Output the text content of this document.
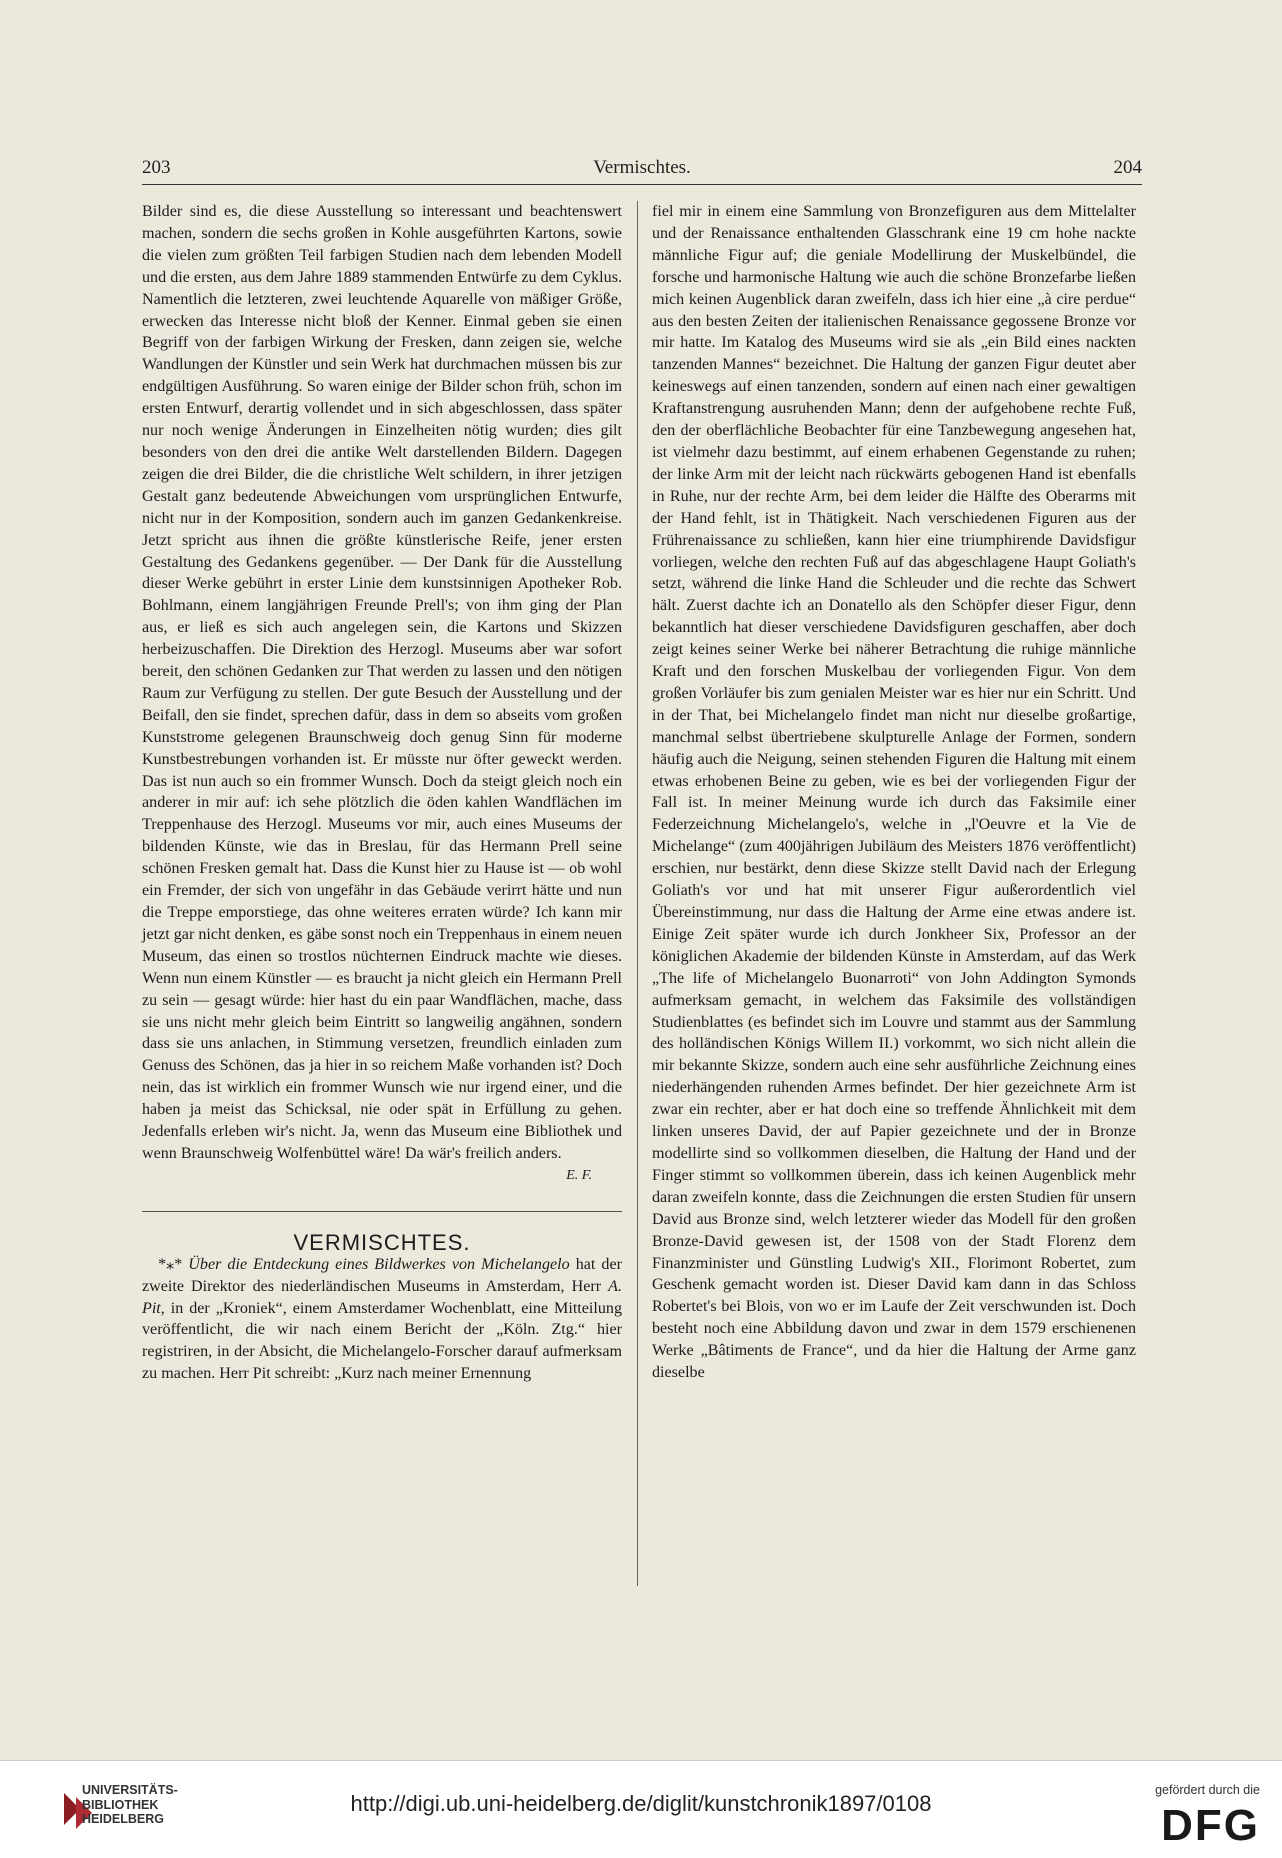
203	Vermischtes.	204

Bilder sind es, die diese Ausstellung so interessant und beachtenswert machen, sondern die sechs großen in Kohle ausgeführten Kartons, sowie die vielen zum größten Teil farbigen Studien nach dem lebenden Modell und die ersten, aus dem Jahre 1889 stammenden Entwürfe zu dem Cyklus. Namentlich die letzteren, zwei leuchtende Aquarelle von mäßiger Größe, erwecken das Interesse nicht bloß der Kenner. Einmal geben sie einen Begriff von der farbigen Wirkung der Fresken, dann zeigen sie, welche Wandlungen der Künstler und sein Werk hat durchmachen müssen bis zur endgültigen Ausführung. So waren einige der Bilder schon früh, schon im ersten Entwurf, derartig vollendet und in sich abgeschlossen, dass später nur noch wenige Änderungen in Einzelheiten nötig wurden; dies gilt besonders von den drei die antike Welt darstellenden Bildern. Dagegen zeigen die drei Bilder, die die christliche Welt schildern, in ihrer jetzigen Gestalt ganz bedeutende Abweichungen vom ursprünglichen Entwurfe, nicht nur in der Komposition, sondern auch im ganzen Gedankenkreise. Jetzt spricht aus ihnen die größte künstlerische Reife, jener ersten Gestaltung des Gedankens gegenüber. — Der Dank für die Ausstellung dieser Werke gebührt in erster Linie dem kunstsinnigen Apotheker Rob. Bohlmann, einem langjährigen Freunde Prell's; von ihm ging der Plan aus, er ließ es sich auch angelegen sein, die Kartons und Skizzen herbeizuschaffen. Die Direktion des Herzogl. Museums aber war sofort bereit, den schönen Gedanken zur That werden zu lassen und den nötigen Raum zur Verfügung zu stellen. Der gute Besuch der Ausstellung und der Beifall, den sie findet, sprechen dafür, dass in dem so abseits vom großen Kunststrome gelegenen Braunschweig doch genug Sinn für moderne Kunstbestrebungen vorhanden ist. Er müsste nur öfter geweckt werden. Das ist nun auch so ein frommer Wunsch. Doch da steigt gleich noch ein anderer in mir auf: ich sehe plötzlich die öden kahlen Wandflächen im Treppenhause des Herzogl. Museums vor mir, auch eines Museums der bildenden Künste, wie das in Breslau, für das Hermann Prell seine schönen Fresken gemalt hat. Dass die Kunst hier zu Hause ist — ob wohl ein Fremder, der sich von ungefähr in das Gebäude verirrt hätte und nun die Treppe emporstiege, das ohne weiteres erraten würde? Ich kann mir jetzt gar nicht denken, es gäbe sonst noch ein Treppenhaus in einem neuen Museum, das einen so trostlos nüchternen Eindruck machte wie dieses. Wenn nun einem Künstler — es braucht ja nicht gleich ein Hermann Prell zu sein — gesagt würde: hier hast du ein paar Wandflächen, mache, dass sie uns nicht mehr gleich beim Eintritt so langweilig angähnen, sondern dass sie uns anlachen, in Stimmung versetzen, freundlich einladen zum Genuss des Schönen, das ja hier in so reichem Maße vorhanden ist? Doch nein, das ist wirklich ein frommer Wunsch wie nur irgend einer, und die haben ja meist das Schicksal, nie oder spät in Erfüllung zu gehen. Jedenfalls erleben wir's nicht. Ja, wenn das Museum eine Bibliothek und wenn Braunschweig Wolfenbüttel wäre! Da wär's freilich anders.

E. F.

VERMISCHTES.

 *⁎* Über die Entdeckung eines Bildwerkes von Michelangelo hat der zweite Direktor des niederländischen Museums in Amsterdam, Herr A. Pit, in der „Kroniek“, einem Amsterdamer Wochenblatt, eine Mitteilung veröffentlicht, die wir nach einem Bericht der „Köln. Ztg.“ hier registriren, in der Absicht, die Michelangelo-Forscher darauf aufmerksam zu machen. Herr Pit schreibt: „Kurz nach meiner Ernennung

fiel mir in einem eine Sammlung von Bronzefiguren aus dem Mittelalter und der Renaissance enthaltenden Glasschrank eine 19 cm hohe nackte männliche Figur auf; die geniale Modellirung der Muskelbündel, die forsche und harmonische Haltung wie auch die schöne Bronzefarbe ließen mich keinen Augenblick daran zweifeln, dass ich hier eine „à cire perdue“ aus den besten Zeiten der italienischen Renaissance gegossene Bronze vor mir hatte. Im Katalog des Museums wird sie als „ein Bild eines nackten tanzenden Mannes“ bezeichnet. Die Haltung der ganzen Figur deutet aber keineswegs auf einen tanzenden, sondern auf einen nach einer gewaltigen Kraftanstrengung ausruhenden Mann; denn der aufgehobene rechte Fuß, den der oberflächliche Beobachter für eine Tanzbewegung angesehen hat, ist vielmehr dazu bestimmt, auf einem erhabenen Gegenstande zu ruhen; der linke Arm mit der leicht nach rückwärts gebogenen Hand ist ebenfalls in Ruhe, nur der rechte Arm, bei dem leider die Hälfte des Oberarms mit der Hand fehlt, ist in Thätigkeit. Nach verschiedenen Figuren aus der Frührenaissance zu schließen, kann hier eine triumphirende Davidsfigur vorliegen, welche den rechten Fuß auf das abgeschlagene Haupt Goliath's setzt, während die linke Hand die Schleuder und die rechte das Schwert hält. Zuerst dachte ich an Donatello als den Schöpfer dieser Figur, denn bekanntlich hat dieser verschiedene Davidsfiguren geschaffen, aber doch zeigt keines seiner Werke bei näherer Betrachtung die ruhige männliche Kraft und den forschen Muskelbau der vorliegenden Figur. Von dem großen Vorläufer bis zum genialen Meister war es hier nur ein Schritt. Und in der That, bei Michelangelo findet man nicht nur dieselbe großartige, manchmal selbst übertriebene skulpturelle Anlage der Formen, sondern häufig auch die Neigung, seinen stehenden Figuren die Haltung mit einem etwas erhobenen Beine zu geben, wie es bei der vorliegenden Figur der Fall ist. In meiner Meinung wurde ich durch das Faksimile einer Federzeichnung Michelangelo's, welche in „l'Oeuvre et la Vie de Michelange“ (zum 400jährigen Jubiläum des Meisters 1876 veröffentlicht) erschien, nur bestärkt, denn diese Skizze stellt David nach der Erlegung Goliath's vor und hat mit unserer Figur außerordentlich viel Übereinstimmung, nur dass die Haltung der Arme eine etwas andere ist. Einige Zeit später wurde ich durch Jonkheer Six, Professor an der königlichen Akademie der bildenden Künste in Amsterdam, auf das Werk „The life of Michelangelo Buonarroti“ von John Addington Symonds aufmerksam gemacht, in welchem das Faksimile des vollständigen Studienblattes (es befindet sich im Louvre und stammt aus der Sammlung des holländischen Königs Willem II.) vorkommt, wo sich nicht allein die mir bekannte Skizze, sondern auch eine sehr ausführliche Zeichnung eines niederhängenden ruhenden Armes befindet. Der hier gezeichnete Arm ist zwar ein rechter, aber er hat doch eine so treffende Ähnlichkeit mit dem linken unseres David, der auf Papier gezeichnete und der in Bronze modellirte sind so vollkommen dieselben, die Haltung der Hand und der Finger stimmt so vollkommen überein, dass ich keinen Augenblick mehr daran zweifeln konnte, dass die Zeichnungen die ersten Studien für unsern David aus Bronze sind, welch letzterer wieder das Modell für den großen Bronze-David gewesen ist, der 1508 von der Stadt Florenz dem Finanzminister und Günstling Ludwig's XII., Florimont Robertet, zum Geschenk gemacht worden ist. Dieser David kam dann in das Schloss Robertet's bei Blois, von wo er im Laufe der Zeit verschwunden ist. Doch besteht noch eine Abbildung davon und zwar in dem 1579 erschienenen Werke „Bâtiments de France“, und da hier die Haltung der Arme ganz dieselbe

UNIVERSITÄTS-
BIBLIOTHEK
HEIDELBERG
http://digi.ub.uni-heidelberg.de/diglit/kunstchronik1897/0108
gefördert durch die
DFG
